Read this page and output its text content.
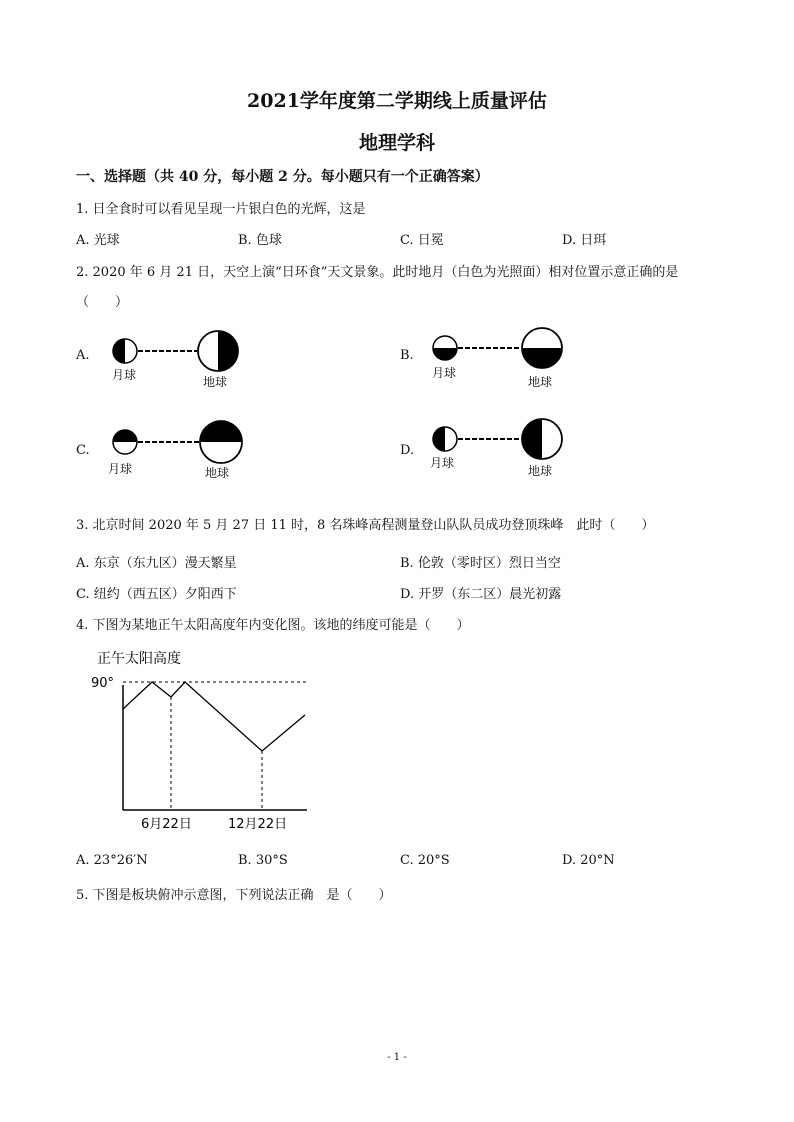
2021学年度第二学期线上质量评估
地理学科
一、选择题（共 40 分，每小题 2 分。每小题只有一个正确答案）
1. 日全食时可以看见呈现一片银白色的光辉，这是
A. 光球	B. 色球	C. 日冕	D. 日珥
2. 2020 年 6 月 21 日，天空上演“日环食”天文景象。此时地月（白色为光照面）相对位置示意正确的是
（　　）
A.	B.
C.	D.
月球	地球
月球
地球
月球	地球
月球
地球
3. 北京时间 2020 年 5 月 27 日 11 时，8 名珠峰高程测量登山队队员成功登顶珠峰　此时（　　）
A. 东京（东九区）漫天繁星	B. 伦敦（零时区）烈日当空
C. 纽约（西五区）夕阳西下	D. 开罗（东二区）晨光初露
4. 下图为某地正午太阳高度年内变化图。该地的纬度可能是（　　）
正午太阳高度
90°
6月22日	12月22日
A. 23°26′N	B. 30°S	C. 20°S	D. 20°N
5. 下图是板块俯冲示意图，下列说法正确　是（　　）
- 1 -
